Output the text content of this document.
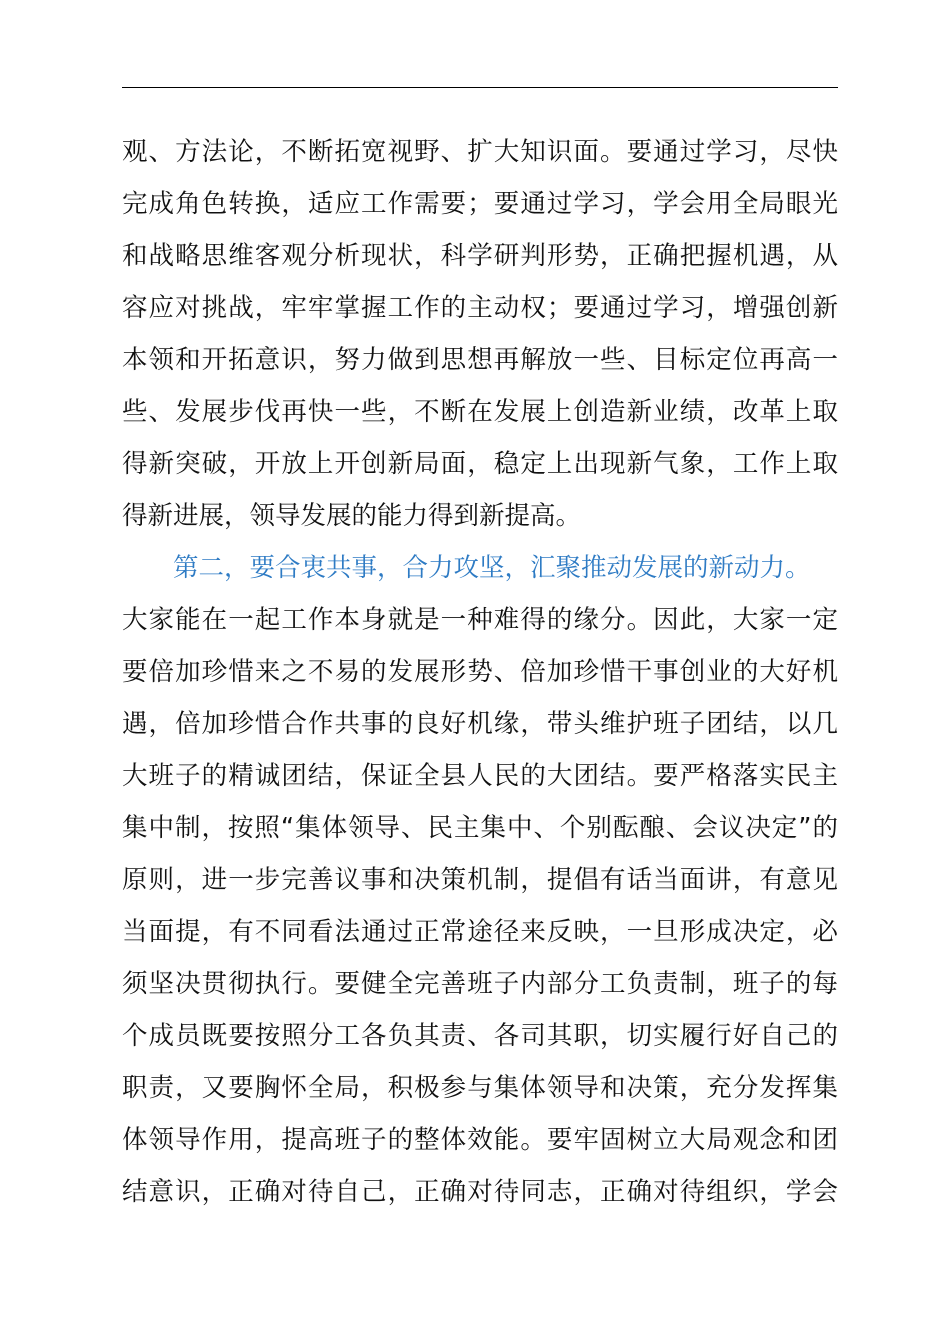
观、方法论，不断拓宽视野、扩大知识面。要通过学习，尽快
完成角色转换，适应工作需要；要通过学习，学会用全局眼光
和战略思维客观分析现状，科学研判形势，正确把握机遇，从
容应对挑战，牢牢掌握工作的主动权；要通过学习，增强创新
本领和开拓意识，努力做到思想再解放一些、目标定位再高一
些、发展步伐再快一些，不断在发展上创造新业绩，改革上取
得新突破，开放上开创新局面，稳定上出现新气象，工作上取
得新进展，领导发展的能力得到新提高。
第二，要合衷共事，合力攻坚，汇聚推动发展的新动力。
大家能在一起工作本身就是一种难得的缘分。因此，大家一定
要倍加珍惜来之不易的发展形势、倍加珍惜干事创业的大好机
遇，倍加珍惜合作共事的良好机缘，带头维护班子团结，以几
大班子的精诚团结，保证全县人民的大团结。要严格落实民主
集中制，按照“集体领导、民主集中、个别酝酿、会议决定”的
原则，进一步完善议事和决策机制，提倡有话当面讲，有意见
当面提，有不同看法通过正常途径来反映，一旦形成决定，必
须坚决贯彻执行。要健全完善班子内部分工负责制，班子的每
个成员既要按照分工各负其责、各司其职，切实履行好自己的
职责，又要胸怀全局，积极参与集体领导和决策，充分发挥集
体领导作用，提高班子的整体效能。要牢固树立大局观念和团
结意识，正确对待自己，正确对待同志，正确对待组织，学会
